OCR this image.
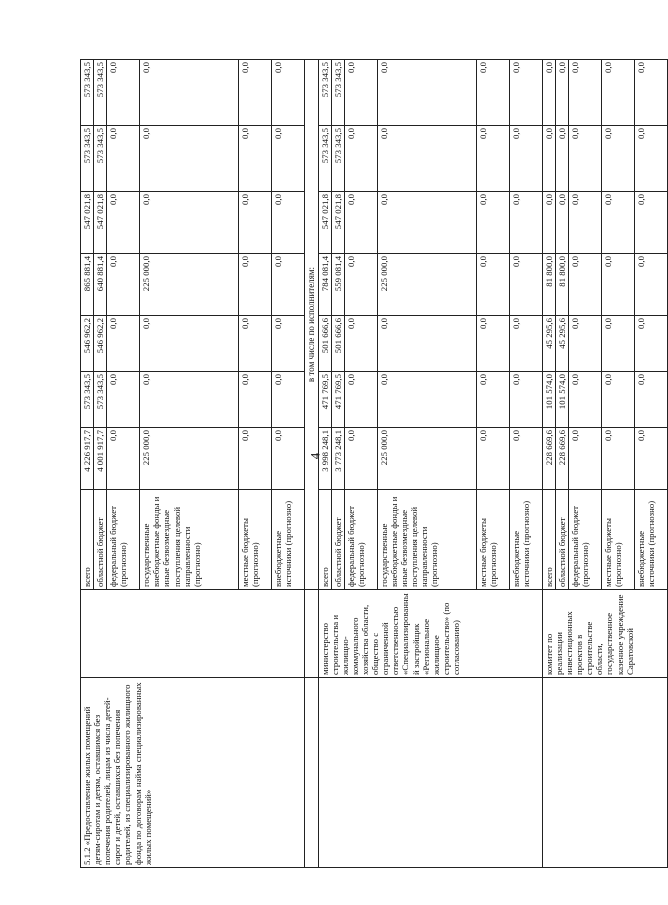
4
5.1.2 «Предоставление жилых помещений детям-сиротам и детям, оставшимся без попечения родителей, лицам из числа детей-сирот и детей, оставшихся без попечения родителей, из специализированного жилищного фонда по договорам найма специализированных жилых помещений»		всего	4 226 917,7	573 343,5	546 962,2	865 881,4	547 021,8	573 343,5	573 343,5
		областной бюджет	4 001 917,7	573 343,5	546 962,2	640 881,4	547 021,8	573 343,5	573 343,5
		федеральный бюджет (прогнозно)	0,0	0,0	0,0	0,0	0,0	0,0	0,0
		государственные внебюджетные фонды и иные безвозмездные поступления целевой направленности (прогнозно)	225 000,0	0,0	0,0	225 000,0	0,0	0,0	0,0
		местные бюджеты (прогнозно)	0,0	0,0	0,0	0,0	0,0	0,0	0,0
		внебюджетные источники (прогнозно)	0,0	0,0	0,0	0,0	0,0	0,0	0,0
		в том числе по исполнителям:							
	министерство строительства и жилищно-коммунального хозяйства области, общество с ограниченной ответственностью «Специализированный застройщик «Региональное жилищное строительство» (по согласованию)	всего	3 998 248,1	471 769,5	501 666,6	784 081,4	547 021,8	573 343,5	573 343,5
		областной бюджет	3 773 248,1	471 769,5	501 666,6	559 081,4	547 021,8	573 343,5	573 343,5
		федеральный бюджет (прогнозно)	0,0	0,0	0,0	0,0	0,0	0,0	0,0
		государственные внебюджетные фонды и иные безвозмездные поступления целевой направленности (прогнозно)	225 000,0	0,0	0,0	225 000,0	0,0	0,0	0,0
		местные бюджеты (прогнозно)	0,0	0,0	0,0	0,0	0,0	0,0	0,0
		внебюджетные источники (прогнозно)	0,0	0,0	0,0	0,0	0,0	0,0	0,0
	комитет по реализации инвестиционных проектов в строительстве области, государственное казенное учреждение Саратовской	всего	228 669,6	101 574,0	45 295,6	81 800,0	0,0	0,0	0,0
		областной бюджет	228 669,6	101 574,0	45 295,6	81 800,0	0,0	0,0	0,0
		федеральный бюджет (прогнозно)	0,0	0,0	0,0	0,0	0,0	0,0	0,0
		местные бюджеты (прогнозно)	0,0	0,0	0,0	0,0	0,0	0,0	0,0
		внебюджетные источники (прогнозно)	0,0	0,0	0,0	0,0	0,0	0,0	0,0
